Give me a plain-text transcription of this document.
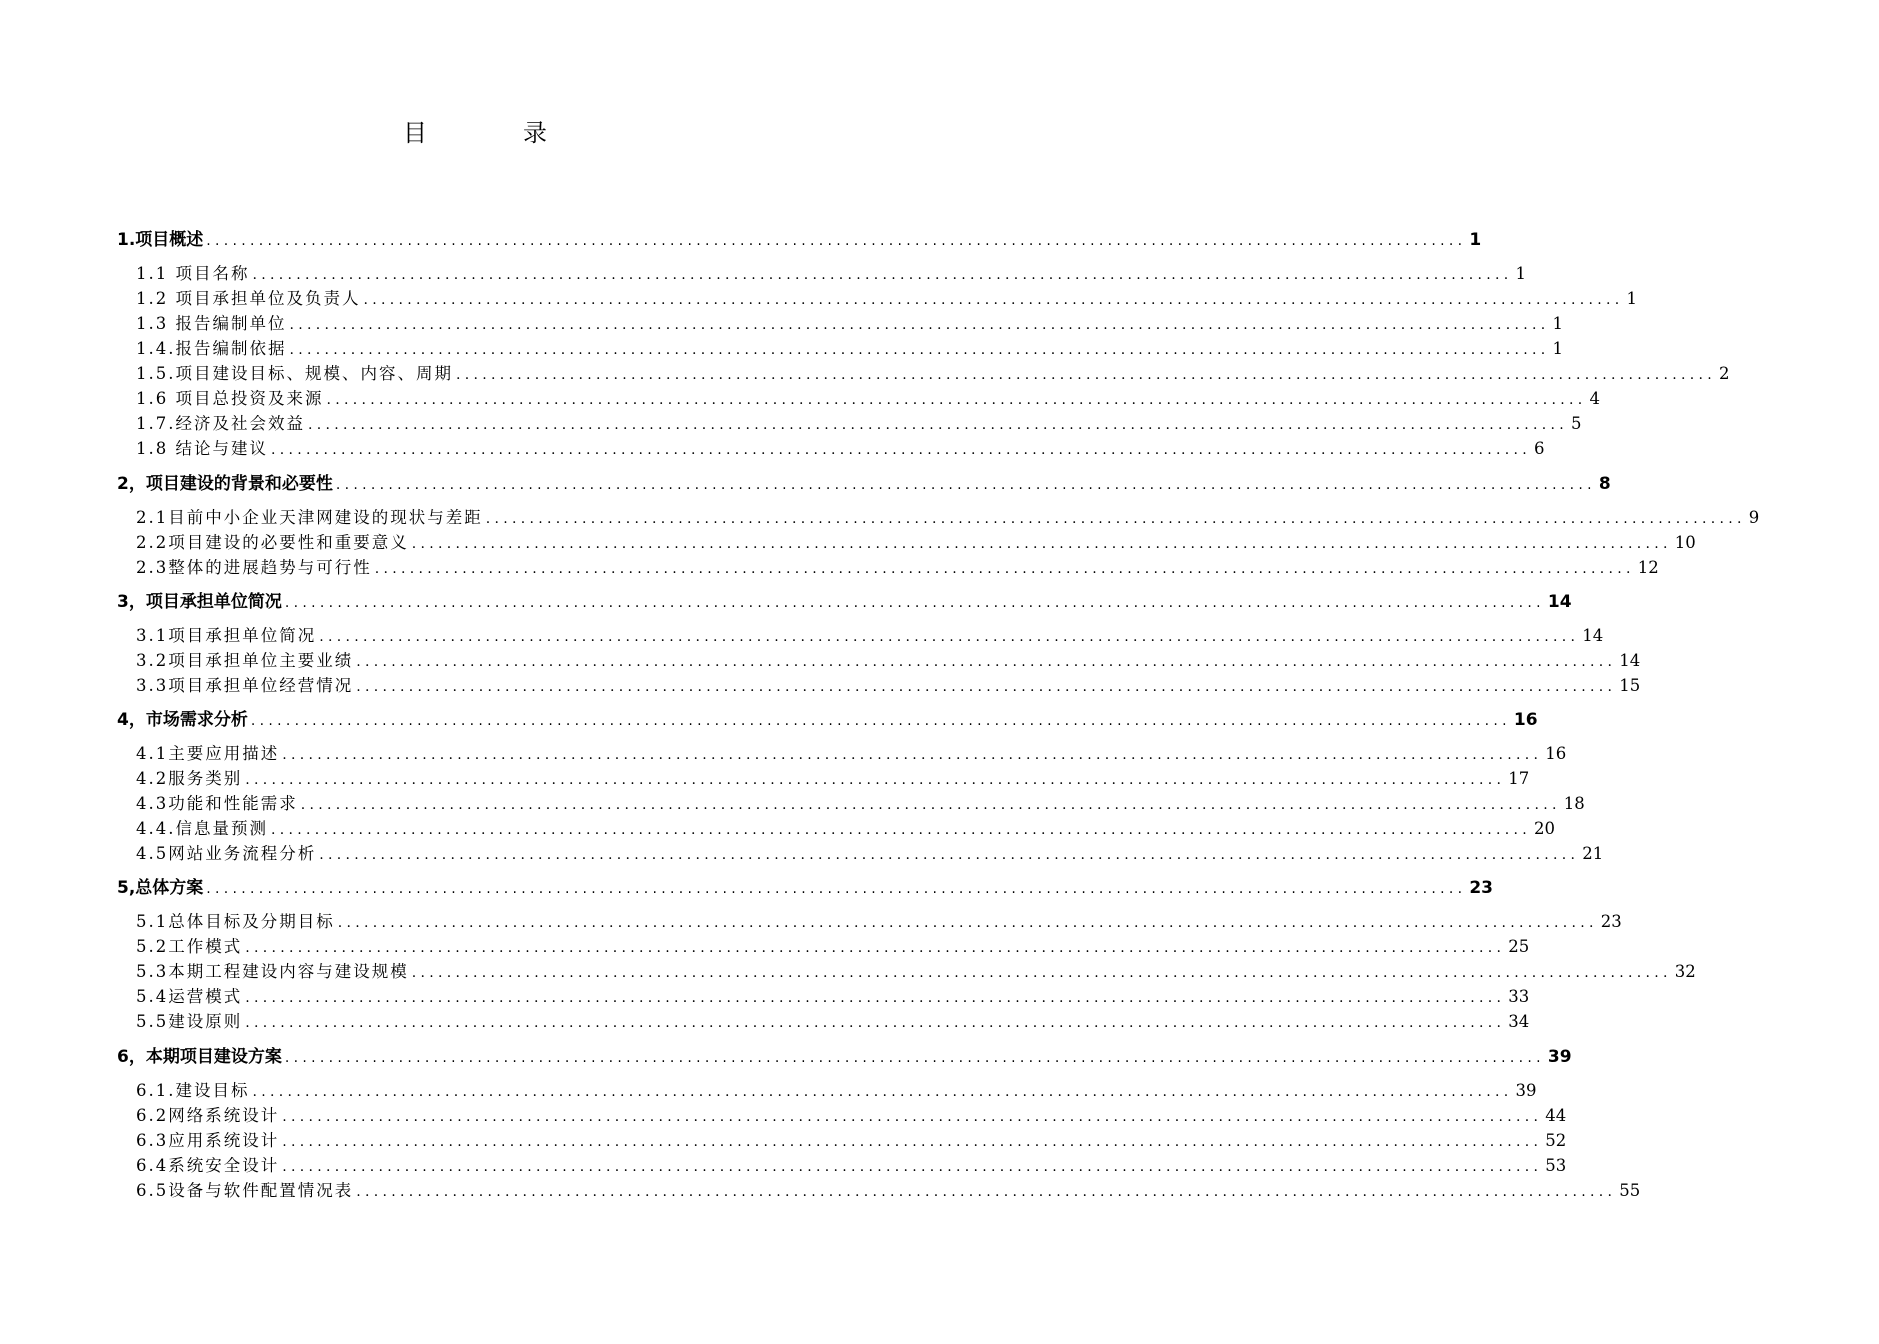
目　录
1.项目概述 ................................................................................................................................................ 1
1.1 项目名称 ................................................................................................................................................ 1
1.2 项目承担单位及负责人 ................................................................................................................................................ 1
1.3 报告编制单位 ................................................................................................................................................ 1
1.4.报告编制依据 ................................................................................................................................................ 1
1.5.项目建设目标、规模、内容、周期 ................................................................................................................................................ 2
1.6 项目总投资及来源 ................................................................................................................................................ 4
1.7.经济及社会效益 ................................................................................................................................................ 5
1.8 结论与建议 ................................................................................................................................................ 6
2，项目建设的背景和必要性 ................................................................................................................................................ 8
2.1目前中小企业天津网建设的现状与差距 ................................................................................................................................................ 9
2.2项目建设的必要性和重要意义 ................................................................................................................................................ 10
2.3整体的进展趋势与可行性 ................................................................................................................................................ 12
3，项目承担单位简况 ................................................................................................................................................ 14
3.1项目承担单位简况 ................................................................................................................................................ 14
3.2项目承担单位主要业绩 ................................................................................................................................................ 14
3.3项目承担单位经营情况 ................................................................................................................................................ 15
4，市场需求分析 ................................................................................................................................................ 16
4.1主要应用描述 ................................................................................................................................................ 16
4.2服务类别 ................................................................................................................................................ 17
4.3功能和性能需求 ................................................................................................................................................ 18
4.4.信息量预测 ................................................................................................................................................ 20
4.5网站业务流程分析 ................................................................................................................................................ 21
5,总体方案 ................................................................................................................................................ 23
5.1总体目标及分期目标 ................................................................................................................................................ 23
5.2工作模式 ................................................................................................................................................ 25
5.3本期工程建设内容与建设规模 ................................................................................................................................................ 32
5.4运营模式 ................................................................................................................................................ 33
5.5建设原则 ................................................................................................................................................ 34
6，本期项目建设方案 ................................................................................................................................................ 39
6.1.建设目标 ................................................................................................................................................ 39
6.2网络系统设计 ................................................................................................................................................ 44
6.3应用系统设计 ................................................................................................................................................ 52
6.4系统安全设计 ................................................................................................................................................ 53
6.5设备与软件配置情况表 ................................................................................................................................................ 55
